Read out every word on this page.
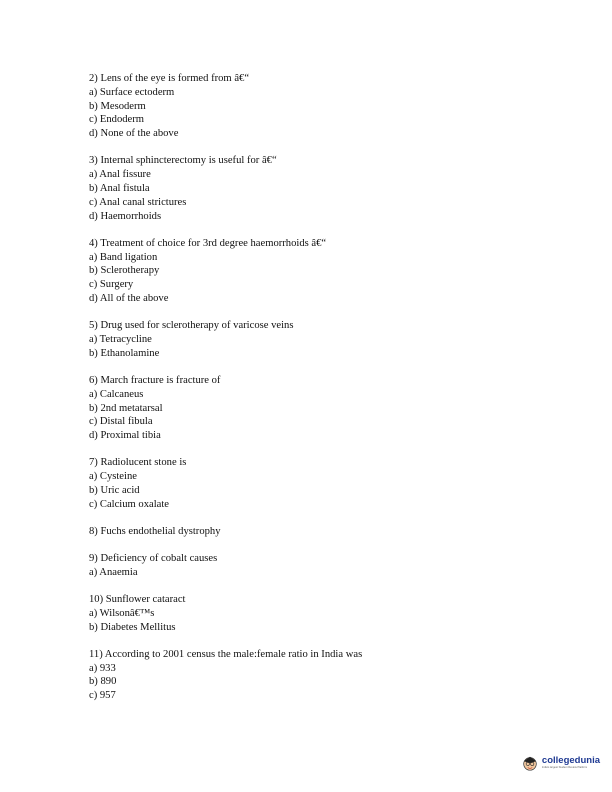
2) Lens of the eye is formed from â€“
a) Surface ectoderm
b) Mesoderm
c) Endoderm
d) None of the above
3) Internal sphincterectomy is useful for â€“
a) Anal fissure
b) Anal fistula
c) Anal canal strictures
d) Haemorrhoids
4) Treatment of choice for 3rd degree haemorrhoids â€“
a) Band ligation
b) Sclerotherapy
c) Surgery
d) All of the above
5) Drug used for sclerotherapy of varicose veins
a) Tetracycline
b) Ethanolamine
6) March fracture is fracture of
a) Calcaneus
b) 2nd metatarsal
c) Distal fibula
d) Proximal tibia
7) Radiolucent stone is
a) Cysteine
b) Uric acid
c) Calcium oxalate
8) Fuchs endothelial dystrophy
9) Deficiency of cobalt causes
a) Anaemia
10) Sunflower cataract
a) Wilsonâ€™s
b) Diabetes Mellitus
11) According to 2001 census the male:female ratio in India was
a) 933
b) 890
c) 957
collegedunia
India's largest Student Review Platform
